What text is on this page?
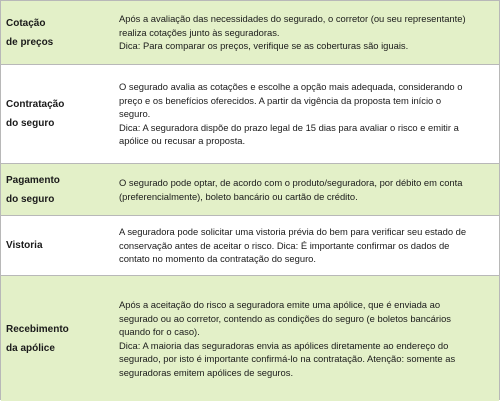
Cotação
de preços
Após a avaliação das necessidades do segurado, o corretor (ou seu representante)
realiza cotações junto às seguradoras.
Dica: Para comparar os preços, verifique se as coberturas são iguais.
Contratação
do seguro
O segurado avalia as cotações e escolhe a opção mais adequada, considerando o
preço e os benefícios oferecidos. A partir da vigência da proposta tem início o
seguro.
Dica: A seguradora dispõe do prazo legal de 15 dias para avaliar o risco e emitir a
apólice ou recusar a proposta.
Pagamento
do seguro
O segurado pode optar, de acordo com o produto/seguradora, por débito em conta
(preferencialmente), boleto bancário ou cartão de crédito.
Vistoria
A seguradora pode solicitar uma vistoria prévia do bem para verificar seu estado de
conservação antes de aceitar o risco. Dica: É importante confirmar os dados de
contato no momento da contratação do seguro.
Recebimento
da apólice
Após a aceitação do risco a seguradora emite uma apólice, que é enviada ao
segurado ou ao corretor, contendo as condições do seguro (e boletos bancários
quando for o caso).
Dica: A maioria das seguradoras envia as apólices diretamente ao endereço do
segurado, por isto é importante confirmá-lo na contratação. Atenção: somente as
seguradoras emitem apólices de seguros.
